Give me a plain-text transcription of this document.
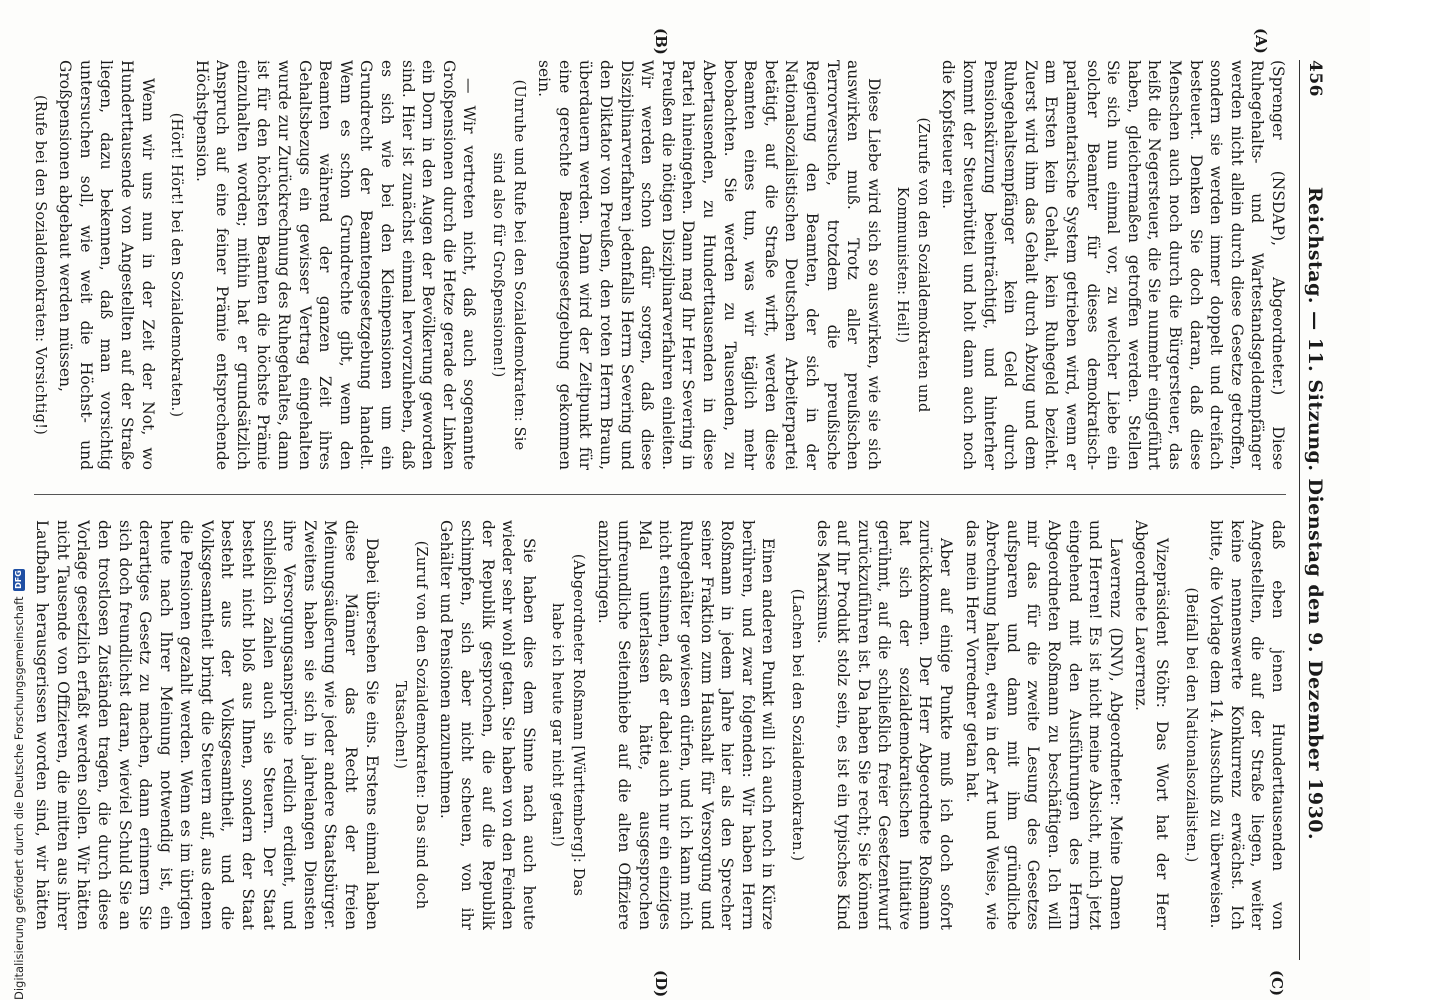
456
Reichstag. — 11. Sitzung. Dienstag den 9. Dezember 1930.
(A)
(B)
(C)
(D)

(Sprenger (NSDAP), Abgeordneter.) Diese Ruhegehalts- und Wartestandsgeldempfänger werden nicht allein durch diese Gesetze getroffen, sondern sie werden immer doppelt und dreifach besteuert. Denken Sie doch daran, daß diese Menschen auch noch durch die Bürgersteuer, das heißt die Negersteuer, die Sie nunmehr eingeführt haben, gleichermaßen getroffen werden. Stellen Sie sich nun einmal vor, zu welcher Liebe ein solcher Beamter für dieses demokratisch-parlamentarische System getrieben wird, wenn er am Ersten kein Gehalt, kein Ruhegeld bezieht. Zuerst wird ihm das Gehalt durch Abzug und dem Ruhegehaltsempfänger kein Geld durch Pensionskürzung beeinträchtigt, und hinterher kommt der Steuerbüttel und holt dann auch noch die Kopfsteuer ein.

(Zurufe von den Sozialdemokraten und Kommunisten: Heil!)

Diese Liebe wird sich so auswirken, wie sie sich auswirken muß. Trotz aller preußischen Terrorversuche, trotzdem die preußische Regierung den Beamten, der sich in der Nationalsozialistischen Deutschen Arbeiterpartei betätigt, auf die Straße wirft, werden diese Beamten eines tun, was wir täglich mehr beobachten. Sie werden zu Tausenden, zu Abertausenden, zu Hunderttausenden in diese Partei hineingehen. Dann mag Ihr Herr Severing in Preußen die nötigen Disziplinarverfahren einleiten. Wir werden schon dafür sorgen, daß diese Disziplinarverfahren jedenfalls Herrn Severing und den Diktator von Preußen, den roten Herrn Braun, überdauern werden. Dann wird der Zeitpunkt für eine gerechte Beamtengesetzgebung gekommen sein.

(Unruhe und Rufe bei den Sozialdemokraten: Sie sind also für Großpensionen!)

— Wir vertreten nicht, daß auch sogenannte Großpensionen durch die Hetze gerade der Linken ein Dorn in den Augen der Bevölkerung geworden sind. Hier ist zunächst einmal hervorzuheben, daß es sich wie bei den Kleinpensionen um ein Grundrecht der Beamtengesetzgebung handelt. Wenn es schon Grundrechte gibt, wenn den Beamten während der ganzen Zeit ihres Gehaltsbezugs ein gewisser Vertrag eingehalten wurde zur Zurückrechnung des Ruhegehaltes, dann ist für den höchsten Beamten die höchste Prämie einzuhalten worden; mithin hat er grundsätzlich Anspruch auf eine feiner Prämie entsprechende Höchstpension.

(Hört! Hört! bei den Sozialdemokraten.)

Wenn wir uns nun in der Zeit der Not, wo Hunderttausende von Angestellten auf der Straße liegen, dazu bekennen, daß man vorsichtig untersuchen soll, wie weit die Höchst- und Großpensionen abgebaut werden müssen,

(Rufe bei den Sozialdemokraten: Vorsichtig!)

daß eben jenen Hunderttausenden von Angestellten, die auf der Straße liegen, weiter keine nennenswerte Konkurrenz erwächst. Ich bitte, die Vorlage dem 14. Ausschuß zu überweisen.

(Beifall bei den Nationalsozialisten.)

Vizepräsident Stöhr: Das Wort hat der Herr Abgeordnete Laverrenz.

Laverrenz (DNV), Abgeordneter: Meine Damen und Herren! Es ist nicht meine Absicht, mich jetzt eingehend mit den Ausführungen des Herrn Abgeordneten Roßmann zu beschäftigen. Ich will mir das für die zweite Lesung des Gesetzes aufsparen und dann mit ihm gründliche Abrechnung halten, etwa in der Art und Weise, wie das mein Herr Vorredner getan hat.

Aber auf einige Punkte muß ich doch sofort zurückkommen. Der Herr Abgeordnete Roßmann hat sich der sozialdemokratischen Initiative gerühmt, auf die schließlich freier Gesetzentwurf zurückzuführen ist. Da haben Sie recht; Sie können auf Ihr Produkt stolz sein, es ist ein typisches Kind des Marxismus.

(Lachen bei den Sozialdemokraten.)

Einen anderen Punkt will ich auch noch in Kürze berühren, und zwar folgenden: Wir haben Herrn Roßmann in jedem Jahre hier als den Sprecher seiner Fraktion zum Haushalt für Versorgung und Ruhegehälter gewiesen dürfen, und ich kann mich nicht entsinnen, daß er dabei auch nur ein einziges Mal unterlassen hätte, ausgesprochen unfreundliche Seitenhiebe auf die alten Offiziere anzubringen.

(Abgeordneter Roßmann [Württemberg]: Das habe ich heute gar nicht getan!)

Sie haben dies dem Sinne nach auch heute wieder sehr wohl getan. Sie haben von den Feinden der Republik gesprochen, die auf die Republik schimpfen, sich aber nicht scheuen, von ihr Gehälter und Pensionen anzunehmen.

(Zuruf von den Sozialdemokraten: Das sind doch Tatsachen!)

Dabei übersehen Sie eins. Erstens einmal haben diese Männer das Recht der freien Meinungsäußerung wie jeder andere Staatsbürger. Zweitens haben sie sich in jahrelangen Diensten ihre Versorgungsansprüche redlich erdient, und schließlich zahlen auch sie Steuern. Der Staat besteht nicht bloß aus Ihnen, sondern der Staat besteht aus der Volksgesamtheit, und die Volksgesamtheit bringt die Steuern auf, aus denen die Pensionen gezahlt werden. Wenn es im übrigen heute nach Ihrer Meinung notwendig ist, ein derartiges Gesetz zu machen, dann erinnern Sie sich doch freundlichst daran, wieviel Schuld Sie an den trostlosen Zuständen tragen, die durch diese Vorlage gesetzlich erfaßt werden sollen. Wir hätten nicht Tausende von Offizieren, die mitten aus ihrer Laufbahn herausgerissen worden sind, wir hätten

Digitalisierung gefördert durch die Deutsche Forschungsgemeinschaft
DFG
